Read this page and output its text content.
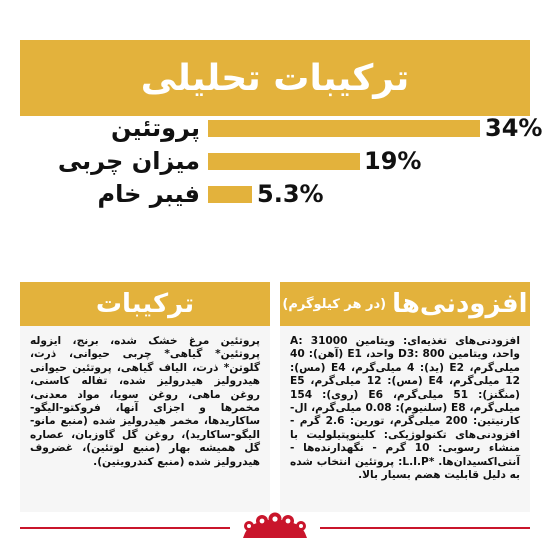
ترکیبات تحلیلی
34%
پروتئین
19%
میزان چربی
5.3%
فیبر خام
ترکیبات
پروتئین مرغ خشک شده، برنج، ایزوله پروتئین* گیاهی* چربی حیوانی، ذرت، گلوتن* ذرت، الیاف گیاهی، پروتئین حیوانی هیدرولیز هیدرولیز شده، تفاله کاسنی، روغن ماهی، روغن سویا، مواد معدنی، مخمرها و اجزای آنها، فروکتو-الیگو-ساکاریدها، مخمر هیدرولیز شده (منبع مانو-الیگو-ساکارید)، روغن گل گاوزبان، عصاره گل همیشه بهار (منبع لوتئین)، غضروف هیدرولیز شده (منبع کندرویتین).
افزودنی‌ها
(در هر کیلوگرم)
افزودنی‌های تغذیه‌ای: ویتامین A: 31000 واحد، ویتامین D3: 800 واحد، E1 (آهن): 40 میلی‌گرم، E2 (ید): 4 میلی‌گرم، E4 (مس): 12 میلی‌گرم، E4 (مس): 12 میلی‌گرم، E5 (منگنز): 51 میلی‌گرم، E6 (روی): 154 میلی‌گرم، E8 (سلنیوم): 0.08 میلی‌گرم، ال-کارنیتین: 200 میلی‌گرم، تورین: 2.6 گرم - افزودنی‌های تکنولوژیکی: کلینوپتیلولیت با منشاء رسوبی: 10 گرم - نگهدارنده‌ها - آنتی‌اکسیدان‌ها. *L.I.P: پروتئین انتخاب شده به دلیل قابلیت هضم بسیار بالا.
